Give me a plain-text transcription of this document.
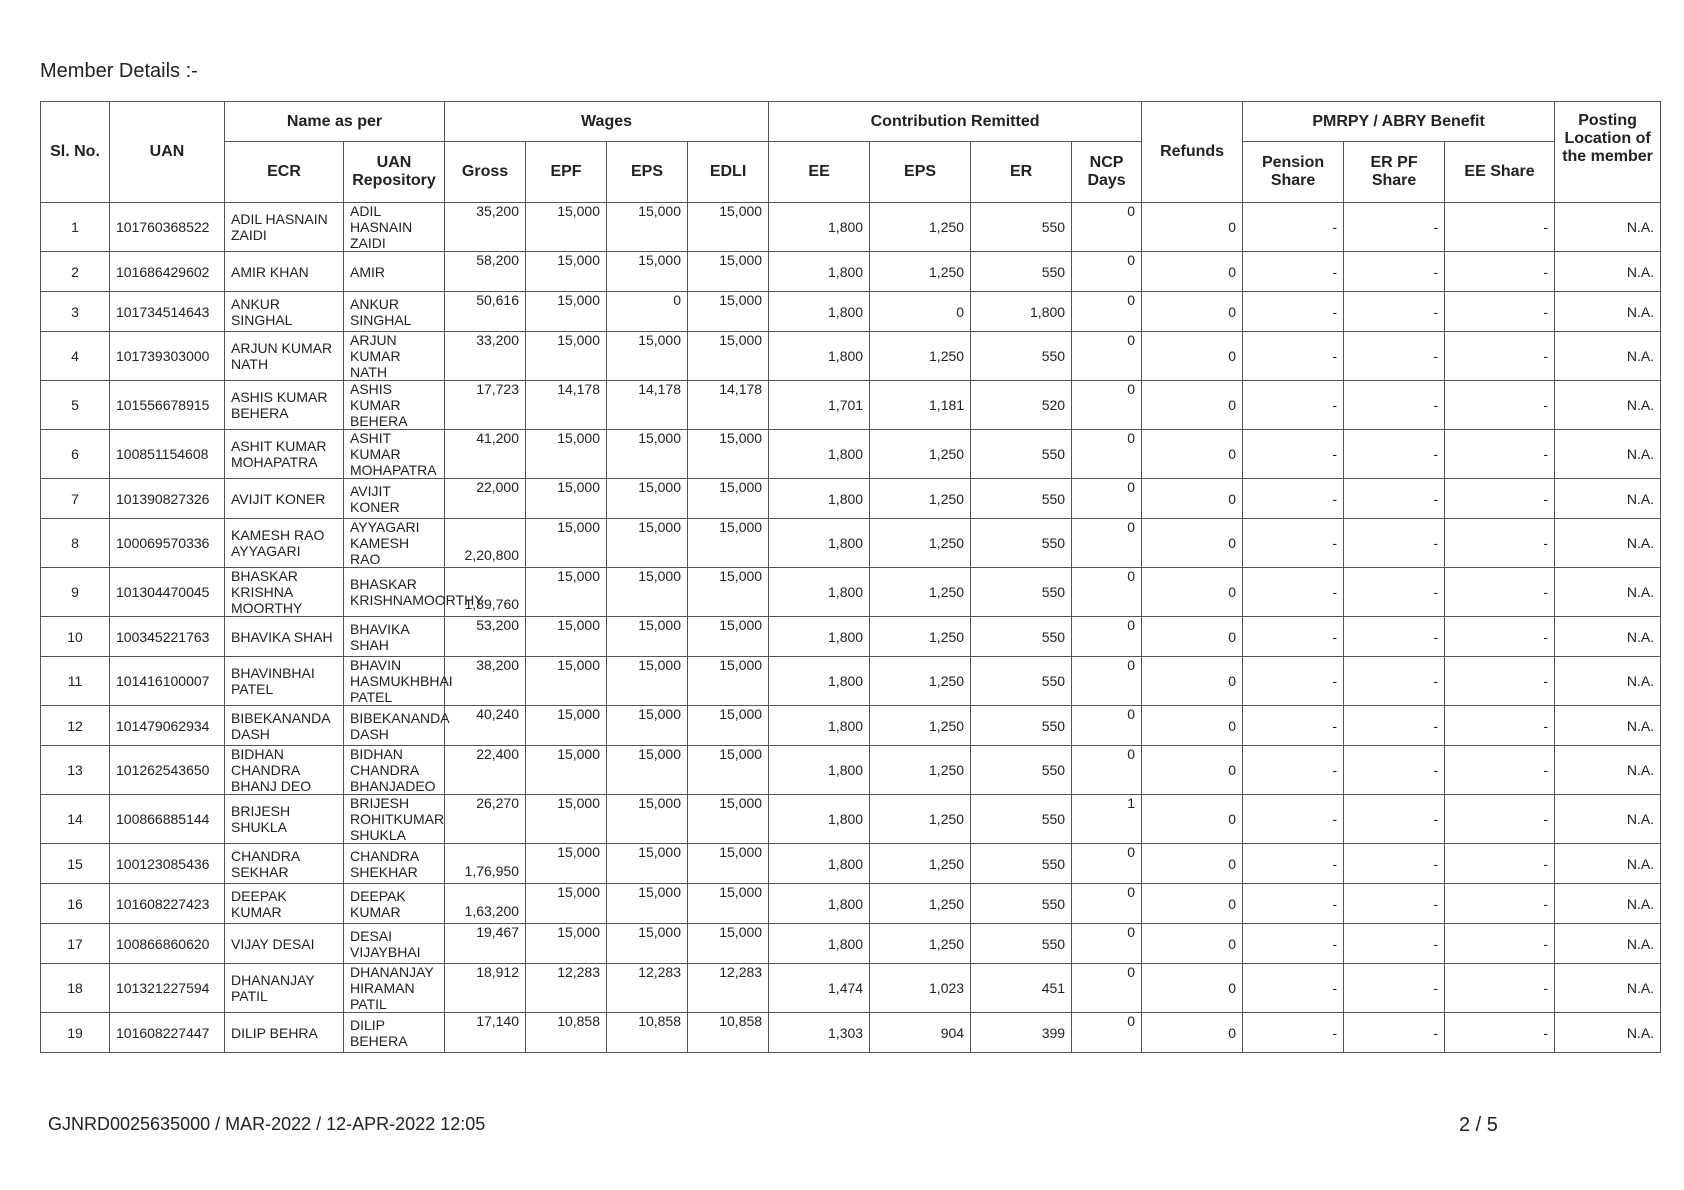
Member Details :-
Sl. No.	UAN	Name as per		Wages				Contribution Remitted				Refunds	PMRPY / ABRY Benefit			Posting Location of the member
		ECR	UAN Repository	Gross	EPF	EPS	EDLI	EE	EPS	ER	NCP Days		Pension Share	ER PF Share	EE Share	
1	101760368522	ADIL HASNAIN ZAIDI	ADIL HASNAIN ZAIDI	35,200	15,000	15,000	15,000	1,800	1,250	550	0	0	-	-	-	N.A.
2	101686429602	AMIR KHAN	AMIR	58,200	15,000	15,000	15,000	1,800	1,250	550	0	0	-	-	-	N.A.
3	101734514643	ANKUR SINGHAL	ANKUR SINGHAL	50,616	15,000	0	15,000	1,800	0	1,800	0	0	-	-	-	N.A.
4	101739303000	ARJUN KUMAR NATH	ARJUN KUMAR NATH	33,200	15,000	15,000	15,000	1,800	1,250	550	0	0	-	-	-	N.A.
5	101556678915	ASHIS KUMAR BEHERA	ASHIS KUMAR BEHERA	17,723	14,178	14,178	14,178	1,701	1,181	520	0	0	-	-	-	N.A.
6	100851154608	ASHIT KUMAR MOHAPATRA	ASHIT KUMAR MOHAPATRA	41,200	15,000	15,000	15,000	1,800	1,250	550	0	0	-	-	-	N.A.
7	101390827326	AVIJIT KONER	AVIJIT KONER	22,000	15,000	15,000	15,000	1,800	1,250	550	0	0	-	-	-	N.A.
8	100069570336	KAMESH RAO AYYAGARI	AYYAGARI KAMESH RAO	2,20,800	15,000	15,000	15,000	1,800	1,250	550	0	0	-	-	-	N.A.
9	101304470045	BHASKAR KRISHNA MOORTHY	BHASKAR KRISHNAMOORTHY	1,89,760	15,000	15,000	15,000	1,800	1,250	550	0	0	-	-	-	N.A.
10	100345221763	BHAVIKA SHAH	BHAVIKA SHAH	53,200	15,000	15,000	15,000	1,800	1,250	550	0	0	-	-	-	N.A.
11	101416100007	BHAVINBHAI PATEL	BHAVIN HASMUKHBHAI PATEL	38,200	15,000	15,000	15,000	1,800	1,250	550	0	0	-	-	-	N.A.
12	101479062934	BIBEKANANDA DASH	BIBEKANANDA DASH	40,240	15,000	15,000	15,000	1,800	1,250	550	0	0	-	-	-	N.A.
13	101262543650	BIDHAN CHANDRA BHANJ DEO	BIDHAN CHANDRA BHANJADEO	22,400	15,000	15,000	15,000	1,800	1,250	550	0	0	-	-	-	N.A.
14	100866885144	BRIJESH SHUKLA	BRIJESH ROHITKUMAR SHUKLA	26,270	15,000	15,000	15,000	1,800	1,250	550	1	0	-	-	-	N.A.
15	100123085436	CHANDRA SEKHAR	CHANDRA SHEKHAR	1,76,950	15,000	15,000	15,000	1,800	1,250	550	0	0	-	-	-	N.A.
16	101608227423	DEEPAK KUMAR	DEEPAK KUMAR	1,63,200	15,000	15,000	15,000	1,800	1,250	550	0	0	-	-	-	N.A.
17	100866860620	VIJAY DESAI	DESAI VIJAYBHAI	19,467	15,000	15,000	15,000	1,800	1,250	550	0	0	-	-	-	N.A.
18	101321227594	DHANANJAY PATIL	DHANANJAY HIRAMAN PATIL	18,912	12,283	12,283	12,283	1,474	1,023	451	0	0	-	-	-	N.A.
19	101608227447	DILIP BEHRA	DILIP BEHERA	17,140	10,858	10,858	10,858	1,303	904	399	0	0	-	-	-	N.A.
GJNRD0025635000 / MAR-2022 / 12-APR-2022 12:05	2 / 5
